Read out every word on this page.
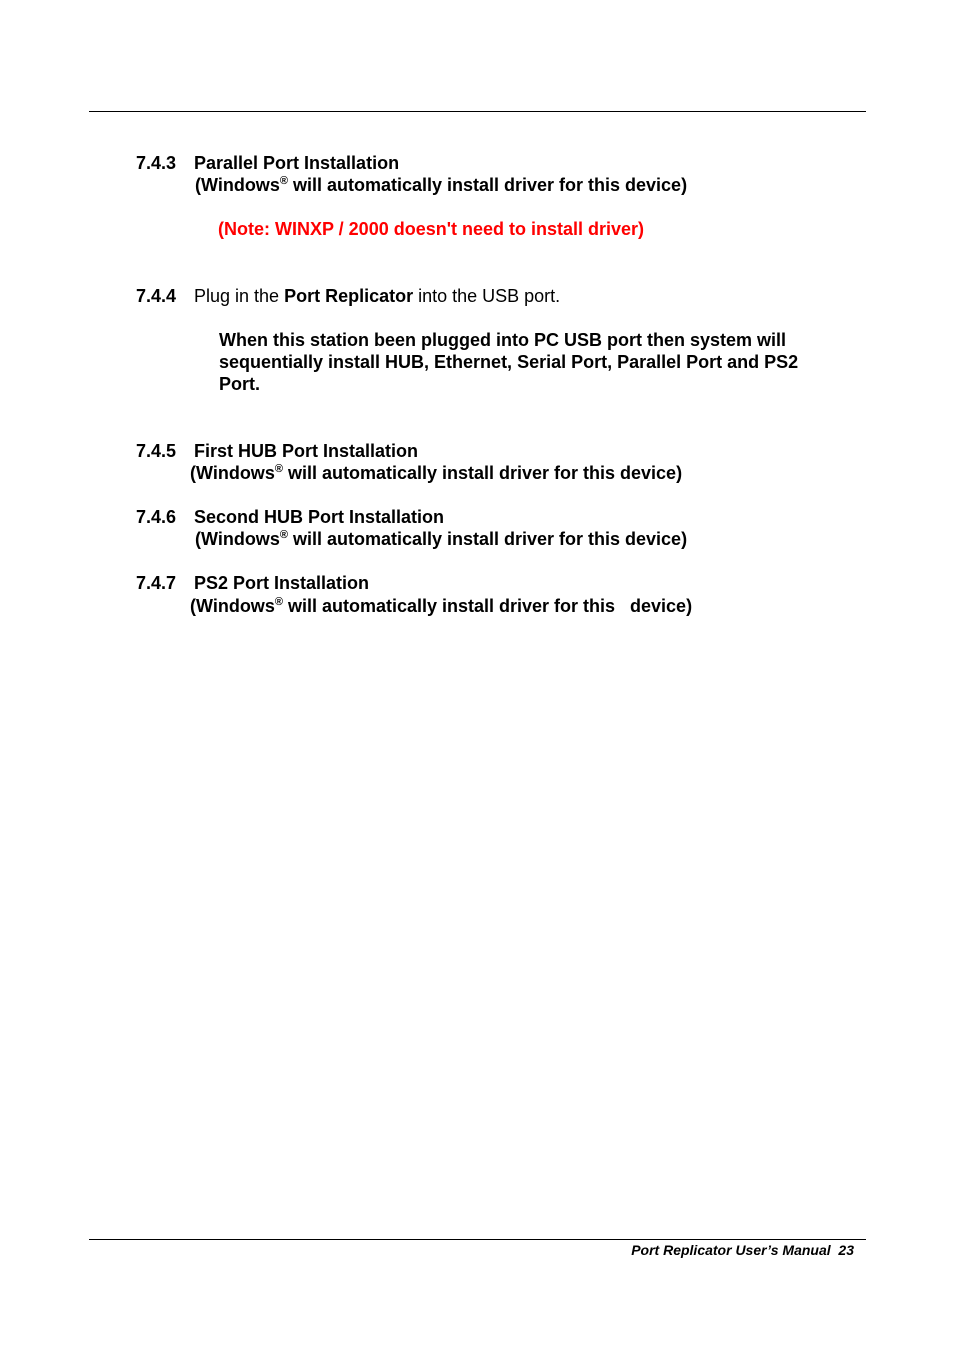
7.4.3 Parallel Port Installation
(Windows® will automatically install driver for this device)
(Note: WINXP / 2000 doesn't need to install driver)
7.4.4 Plug in the Port Replicator into the USB port.
When this station been plugged into PC USB port then system will
sequentially install HUB, Ethernet, Serial Port, Parallel Port and PS2
Port.
7.4.5 First HUB Port Installation
(Windows® will automatically install driver for this device)
7.4.6 Second HUB Port Installation
(Windows® will automatically install driver for this device)
7.4.7 PS2 Port Installation
(Windows® will automatically install driver for this   device)
Port Replicator User’s Manual  23
